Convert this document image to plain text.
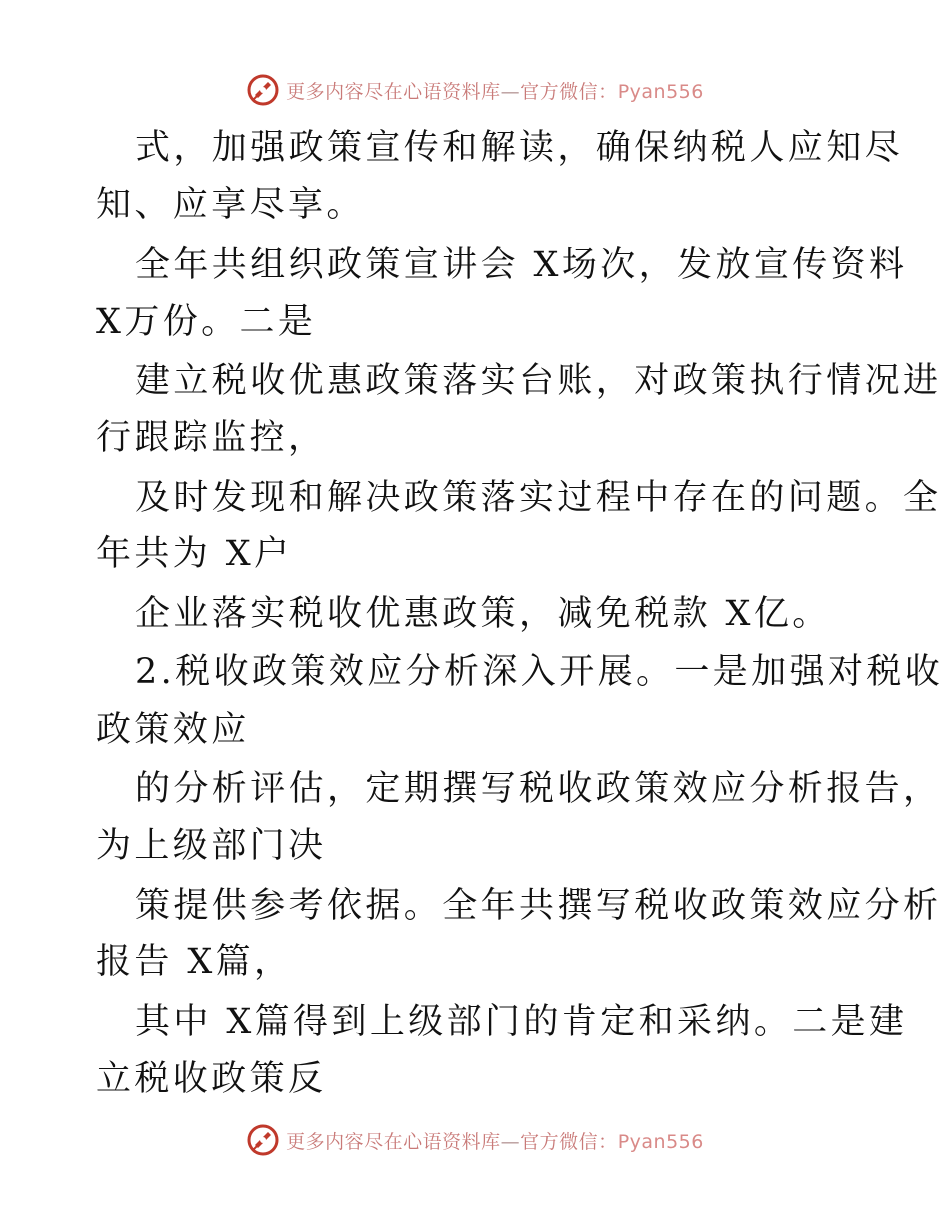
更多内容尽在心语资料库—官方微信：Pyan556
式，加强政策宣传和解读，确保纳税人应知尽
知、应享尽享。
全年共组织政策宣讲会 X场次，发放宣传资料
X万份。二是
建立税收优惠政策落实台账，对政策执行情况进
行跟踪监控，
及时发现和解决政策落实过程中存在的问题。全
年共为 X户
企业落实税收优惠政策，减免税款 X亿。
2.税收政策效应分析深入开展。一是加强对税收
政策效应
的分析评估，定期撰写税收政策效应分析报告，
为上级部门决
策提供参考依据。全年共撰写税收政策效应分析
报告 X篇，
其中 X篇得到上级部门的肯定和采纳。二是建
立税收政策反
更多内容尽在心语资料库—官方微信：Pyan556
